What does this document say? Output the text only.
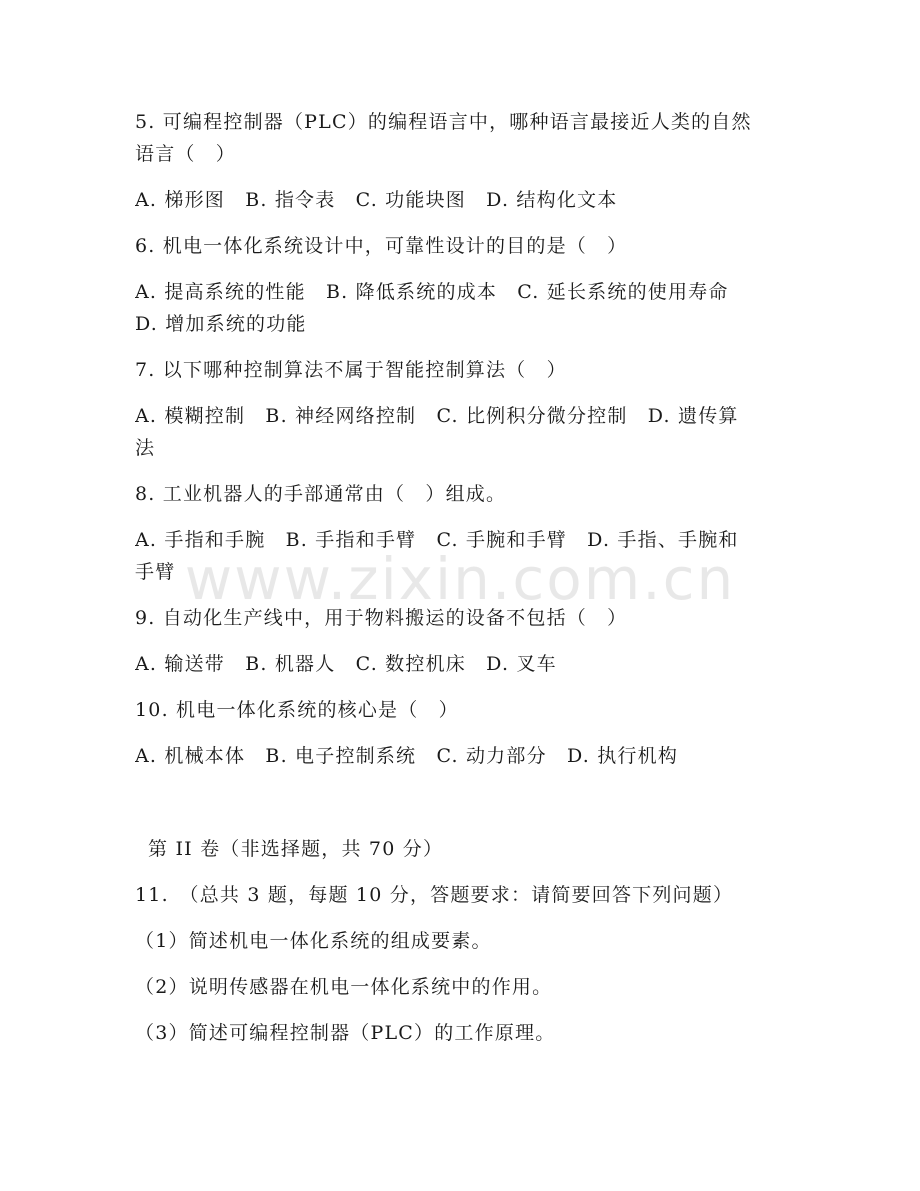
5. 可编程控制器（PLC）的编程语言中，哪种语言最接近人类的自然
语言（　）
A. 梯形图　B. 指令表　C. 功能块图　D. 结构化文本
6. 机电一体化系统设计中，可靠性设计的目的是（　）
A. 提高系统的性能　B. 降低系统的成本　C. 延长系统的使用寿命
D. 增加系统的功能
7. 以下哪种控制算法不属于智能控制算法（　）
A. 模糊控制　B. 神经网络控制　C. 比例积分微分控制　D. 遗传算
法
8. 工业机器人的手部通常由（　）组成。
A. 手指和手腕　B. 手指和手臂　C. 手腕和手臂　D. 手指、手腕和
手臂
9. 自动化生产线中，用于物料搬运的设备不包括（　）
A. 输送带　B. 机器人　C. 数控机床　D. 叉车
10. 机电一体化系统的核心是（　）
A. 机械本体　B. 电子控制系统　C. 动力部分　D. 执行机构
第 II 卷（非选择题，共 70 分）
11.　（总共 3 题，每题 10 分，答题要求：请简要回答下列问题）
（1）简述机电一体化系统的组成要素。
（2）说明传感器在机电一体化系统中的作用。
（3）简述可编程控制器（PLC）的工作原理。
www.zixin.com.cn
